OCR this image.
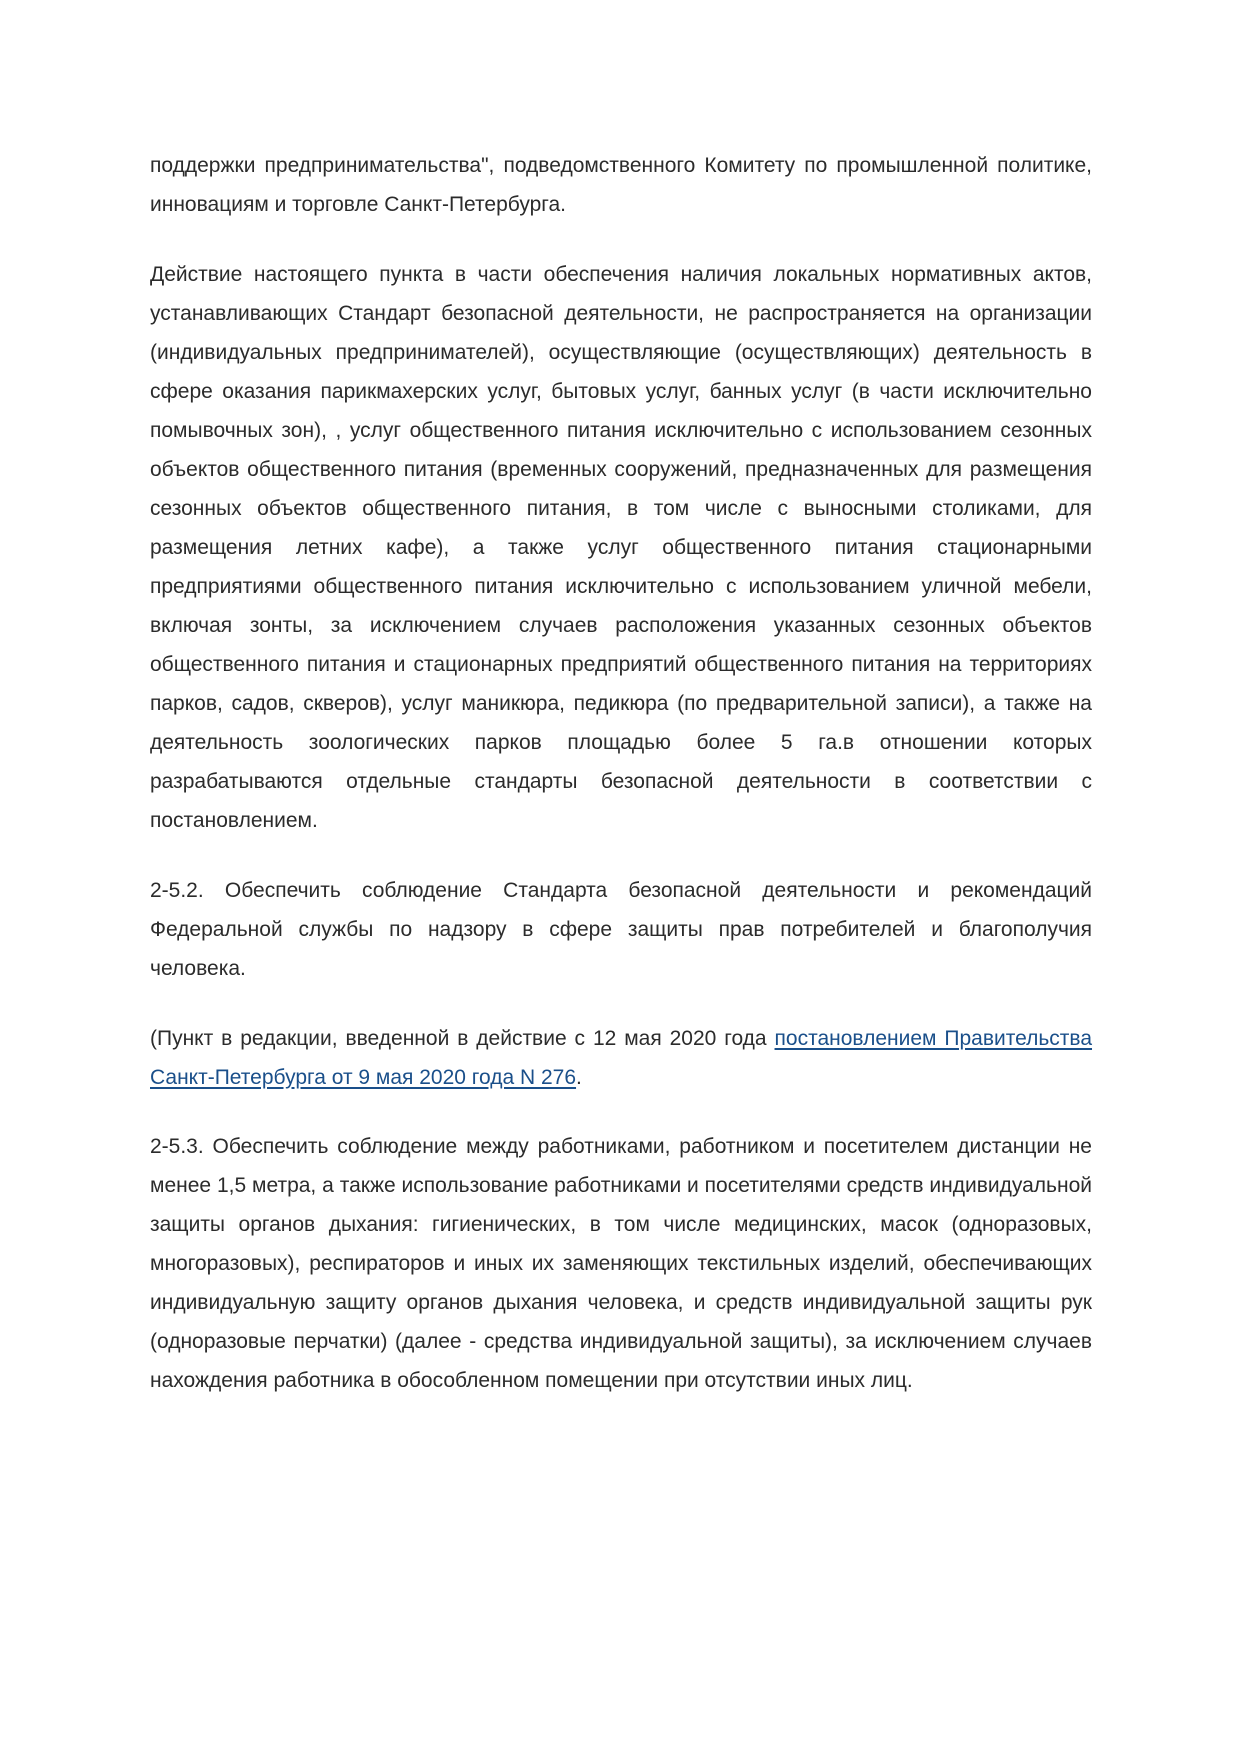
поддержки предпринимательства", подведомственного Комитету по промышленной политике, инновациям и торговле Санкт-Петербурга.

Действие настоящего пункта в части обеспечения наличия локальных нормативных актов, устанавливающих Стандарт безопасной деятельности, не распространяется на организации (индивидуальных предпринимателей), осуществляющие (осуществляющих) деятельность в сфере оказания парикмахерских услуг, бытовых услуг, банных услуг (в части исключительно помывочных зон), , услуг общественного питания исключительно с использованием сезонных объектов общественного питания (временных сооружений, предназначенных для размещения сезонных объектов общественного питания, в том числе с выносными столиками, для размещения летних кафе), а также услуг общественного питания стационарными предприятиями общественного питания исключительно с использованием уличной мебели, включая зонты, за исключением случаев расположения указанных сезонных объектов общественного питания и стационарных предприятий общественного питания на территориях парков, садов, скверов), услуг маникюра, педикюра (по предварительной записи), а также на деятельность зоологических парков площадью более 5 га.в отношении которых разрабатываются отдельные стандарты безопасной деятельности в соответствии с постановлением.

2-5.2. Обеспечить соблюдение Стандарта безопасной деятельности и рекомендаций Федеральной службы по надзору в сфере защиты прав потребителей и благополучия человека.

(Пункт в редакции, введенной в действие с 12 мая 2020 года постановлением Правительства Санкт-Петербурга от 9 мая 2020 года N 276.

2-5.3. Обеспечить соблюдение между работниками, работником и посетителем дистанции не менее 1,5 метра, а также использование работниками и посетителями средств индивидуальной защиты органов дыхания: гигиенических, в том числе медицинских, масок (одноразовых, многоразовых), респираторов и иных их заменяющих текстильных изделий, обеспечивающих индивидуальную защиту органов дыхания человека, и средств индивидуальной защиты рук (одноразовые перчатки) (далее - средства индивидуальной защиты), за исключением случаев нахождения работника в обособленном помещении при отсутствии иных лиц.
